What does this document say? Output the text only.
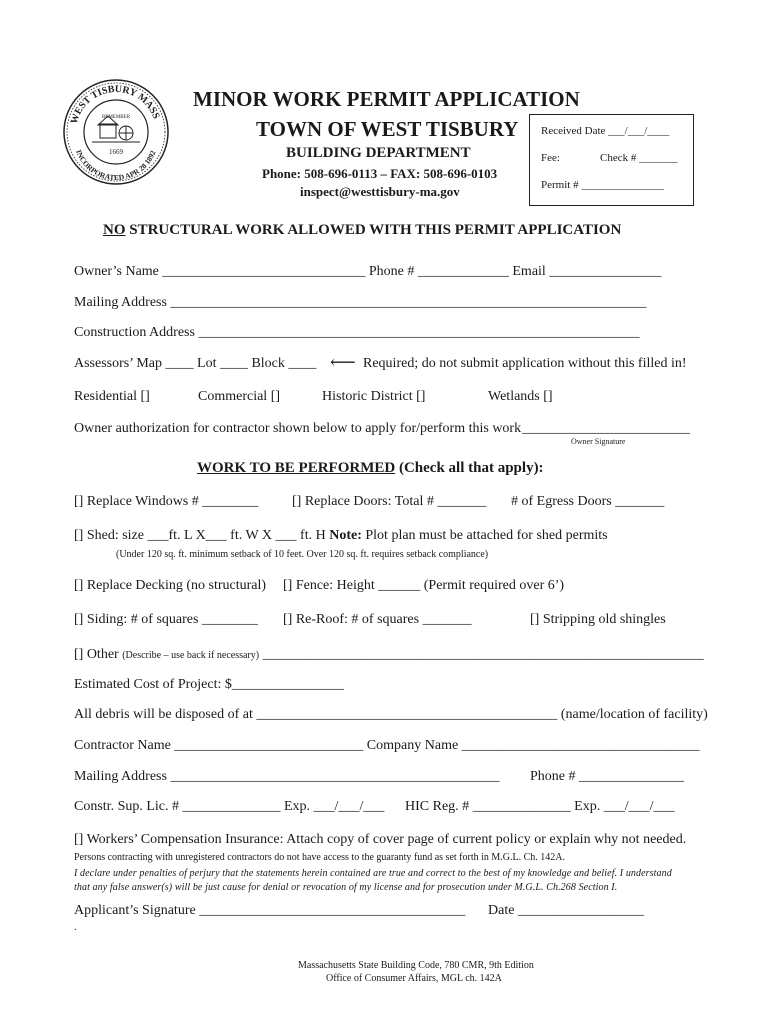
WEST TISBURY MASS
INCORPORATED APR 28 1892
REMEMBER
1669
MINOR WORK PERMIT APPLICATION
TOWN OF WEST TISBURY
BUILDING DEPARTMENT
Phone: 508-696-0113 – FAX: 508-696-0103
inspect@westtisbury-ma.gov
Received Date ___/___/____
Fee:	Check # _______
Permit # _______________
NO STRUCTURAL WORK ALLOWED WITH THIS PERMIT APPLICATION
Owner’s Name _____________________________ Phone # _____________ Email ________________
Mailing Address ____________________________________________________________________
Construction Address _______________________________________________________________
Assessors’ Map ____ Lot ____ Block ____ ⟵ Required; do not submit application without this filled in!
Residential []	Commercial []	Historic District []	Wetlands []
Owner authorization for contractor shown below to apply for/perform this work ________________________
Owner Signature
WORK TO BE PERFORMED (Check all that apply):
[] Replace Windows # ________ [] Replace Doors: Total # _______ # of Egress Doors _______
[] Shed: size ___ft. L X___ ft. W X ___ ft. H Note: Plot plan must be attached for shed permits
(Under 120 sq. ft. minimum setback of 10 feet. Over 120 sq. ft. requires setback compliance)
[] Replace Decking (no structural) [] Fence: Height ______ (Permit required over 6’)
[] Siding: # of squares ________ [] Re-Roof: # of squares _______	[] Stripping old shingles
[] Other (Describe – use back if necessary) _______________________________________________________________
Estimated Cost of Project: $________________
All debris will be disposed of at ___________________________________________ (name/location of facility)
Contractor Name ___________________________ Company Name __________________________________
Mailing Address _______________________________________________ Phone # _______________
Constr. Sup. Lic. # ______________ Exp. ___/___/___ HIC Reg. # ______________ Exp. ___/___/___
[] Workers’ Compensation Insurance: Attach copy of cover page of current policy or explain why not needed.
Persons contracting with unregistered contractors do not have access to the guaranty fund as set forth in M.G.L. Ch. 142A.
I declare under penalties of perjury that the statements herein contained are true and correct to the best of my knowledge and belief. I understand
that any false answer(s) will be just cause for denial or revocation of my license and for prosecution under M.G.L. Ch.268 Section I.
Applicant’s Signature ______________________________________ Date __________________
.
Massachusetts State Building Code, 780 CMR, 9th Edition
Office of Consumer Affairs, MGL ch. 142A
